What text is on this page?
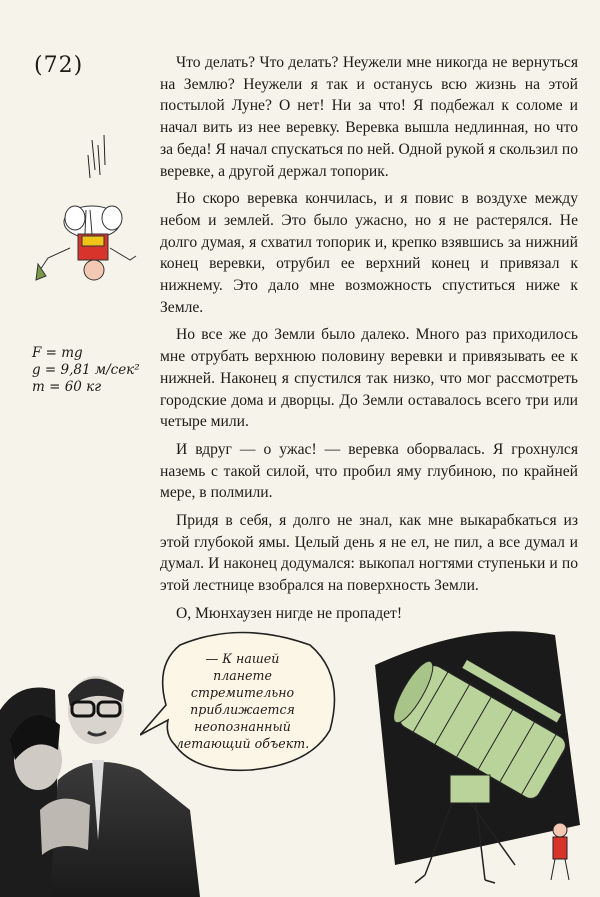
(72)
F = mg
g = 9,81 м/сек²
m = 60 кг

Что делать? Что делать? Неужели мне никогда не вернуться на Землю? Неужели я так и останусь всю жизнь на этой постылой Луне? О нет! Ни за что! Я подбежал к соломе и начал вить из нее веревку. Веревка вышла недлинная, но что за беда! Я начал спускаться по ней. Одной рукой я скользил по веревке, а другой держал топорик.

Но скоро веревка кончилась, и я повис в воздухе между небом и землей. Это было ужасно, но я не растерялся. Не долго думая, я схватил топорик и, крепко взявшись за нижний конец веревки, отрубил ее верхний конец и привязал к нижнему. Это дало мне возможность спуститься ниже к Земле.

Но все же до Земли было далеко. Много раз приходилось мне отрубать верхнюю половину веревки и привязывать ее к нижней. Наконец я спустился так низко, что мог рассмотреть городские дома и дворцы. До Земли оставалось всего три или четыре мили.

И вдруг — о ужас! — веревка оборвалась. Я грохнулся наземь с такой силой, что пробил яму глубиною, по крайней мере, в полмили.

Придя в себя, я долго не знал, как мне выкарабкаться из этой глубокой ямы. Целый день я не ел, не пил, а все думал и думал. И наконец додумался: выкопал ногтями ступеньки и по этой лестнице взобрался на поверхность Земли.

О, Мюнхаузен нигде не пропадет!

— К нашей
планете
стремительно
приближается
неопознанный
летающий объект.
